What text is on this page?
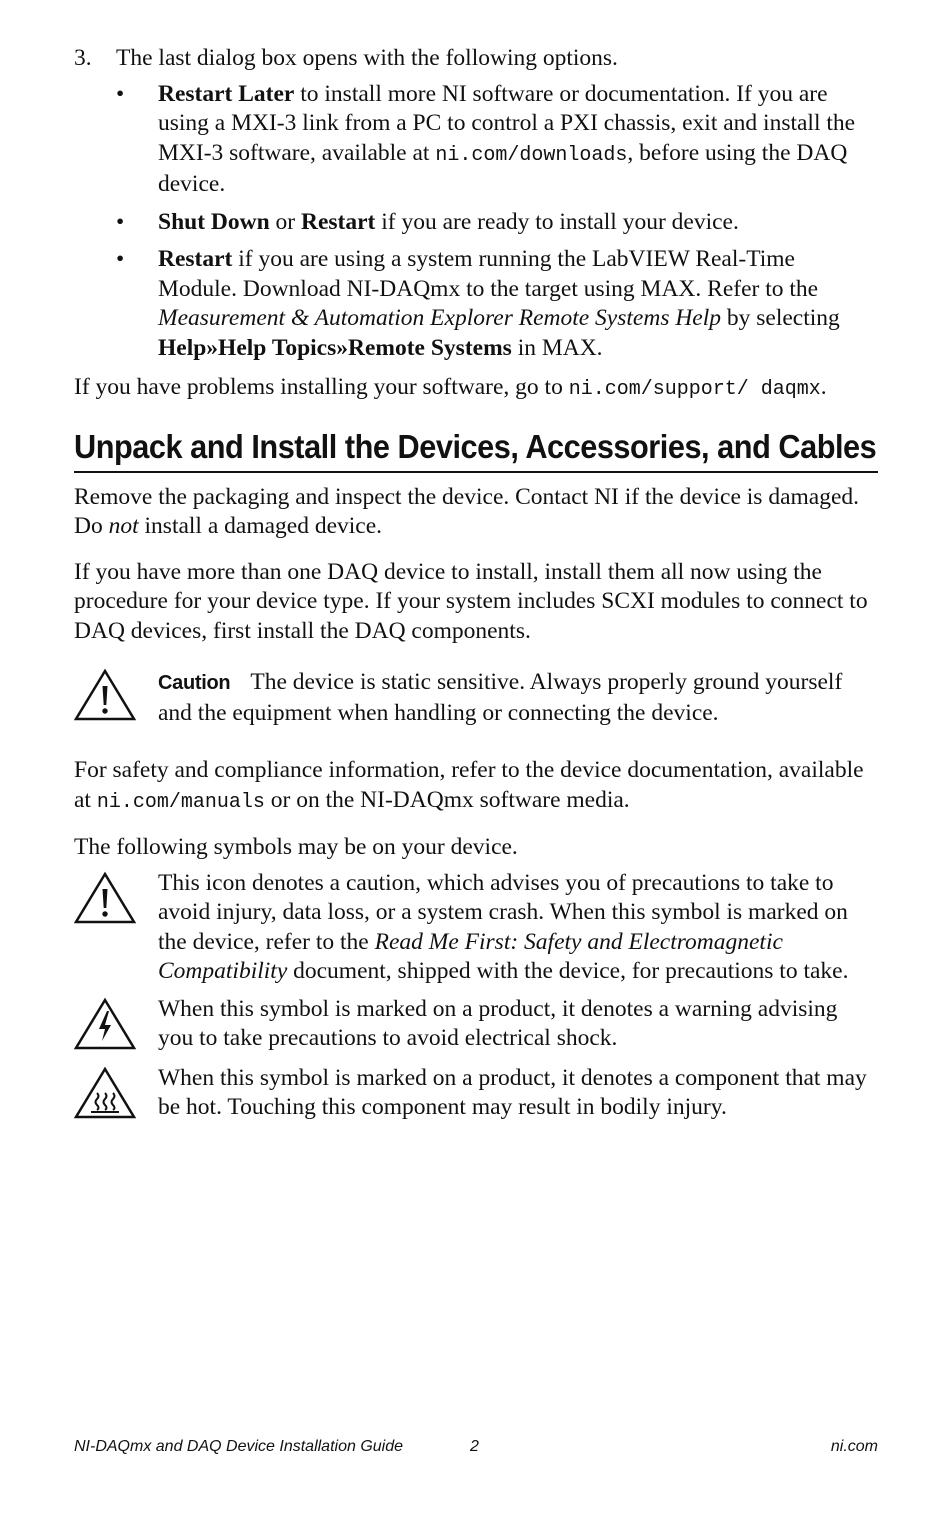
3.	The last dialog box opens with the following options.

• Restart Later to install more NI software or documentation. If you are using a MXI-3 link from a PC to control a PXI chassis, exit and install the MXI-3 software, available at ni.com/downloads, before using the DAQ device.
• Shut Down or Restart if you are ready to install your device.
• Restart if you are using a system running the LabVIEW Real-Time Module. Download NI-DAQmx to the target using MAX. Refer to the Measurement & Automation Explorer Remote Systems Help by selecting Help»Help Topics»Remote Systems in MAX.

If you have problems installing your software, go to ni.com/support/ daqmx.

Unpack and Install the Devices, Accessories, and Cables

Remove the packaging and inspect the device. Contact NI if the device is damaged. Do not install a damaged device.

If you have more than one DAQ device to install, install them all now using the procedure for your device type. If your system includes SCXI modules to connect to DAQ devices, first install the DAQ components.

Caution The device is static sensitive. Always properly ground yourself and the equipment when handling or connecting the device.

For safety and compliance information, refer to the device documentation, available at ni.com/manuals or on the NI-DAQmx software media.

The following symbols may be on your device.

This icon denotes a caution, which advises you of precautions to take to avoid injury, data loss, or a system crash. When this symbol is marked on the device, refer to the Read Me First: Safety and Electromagnetic Compatibility document, shipped with the device, for precautions to take.

When this symbol is marked on a product, it denotes a warning advising you to take precautions to avoid electrical shock.

When this symbol is marked on a product, it denotes a component that may be hot. Touching this component may result in bodily injury.

NI-DAQmx and DAQ Device Installation Guide	2	ni.com
